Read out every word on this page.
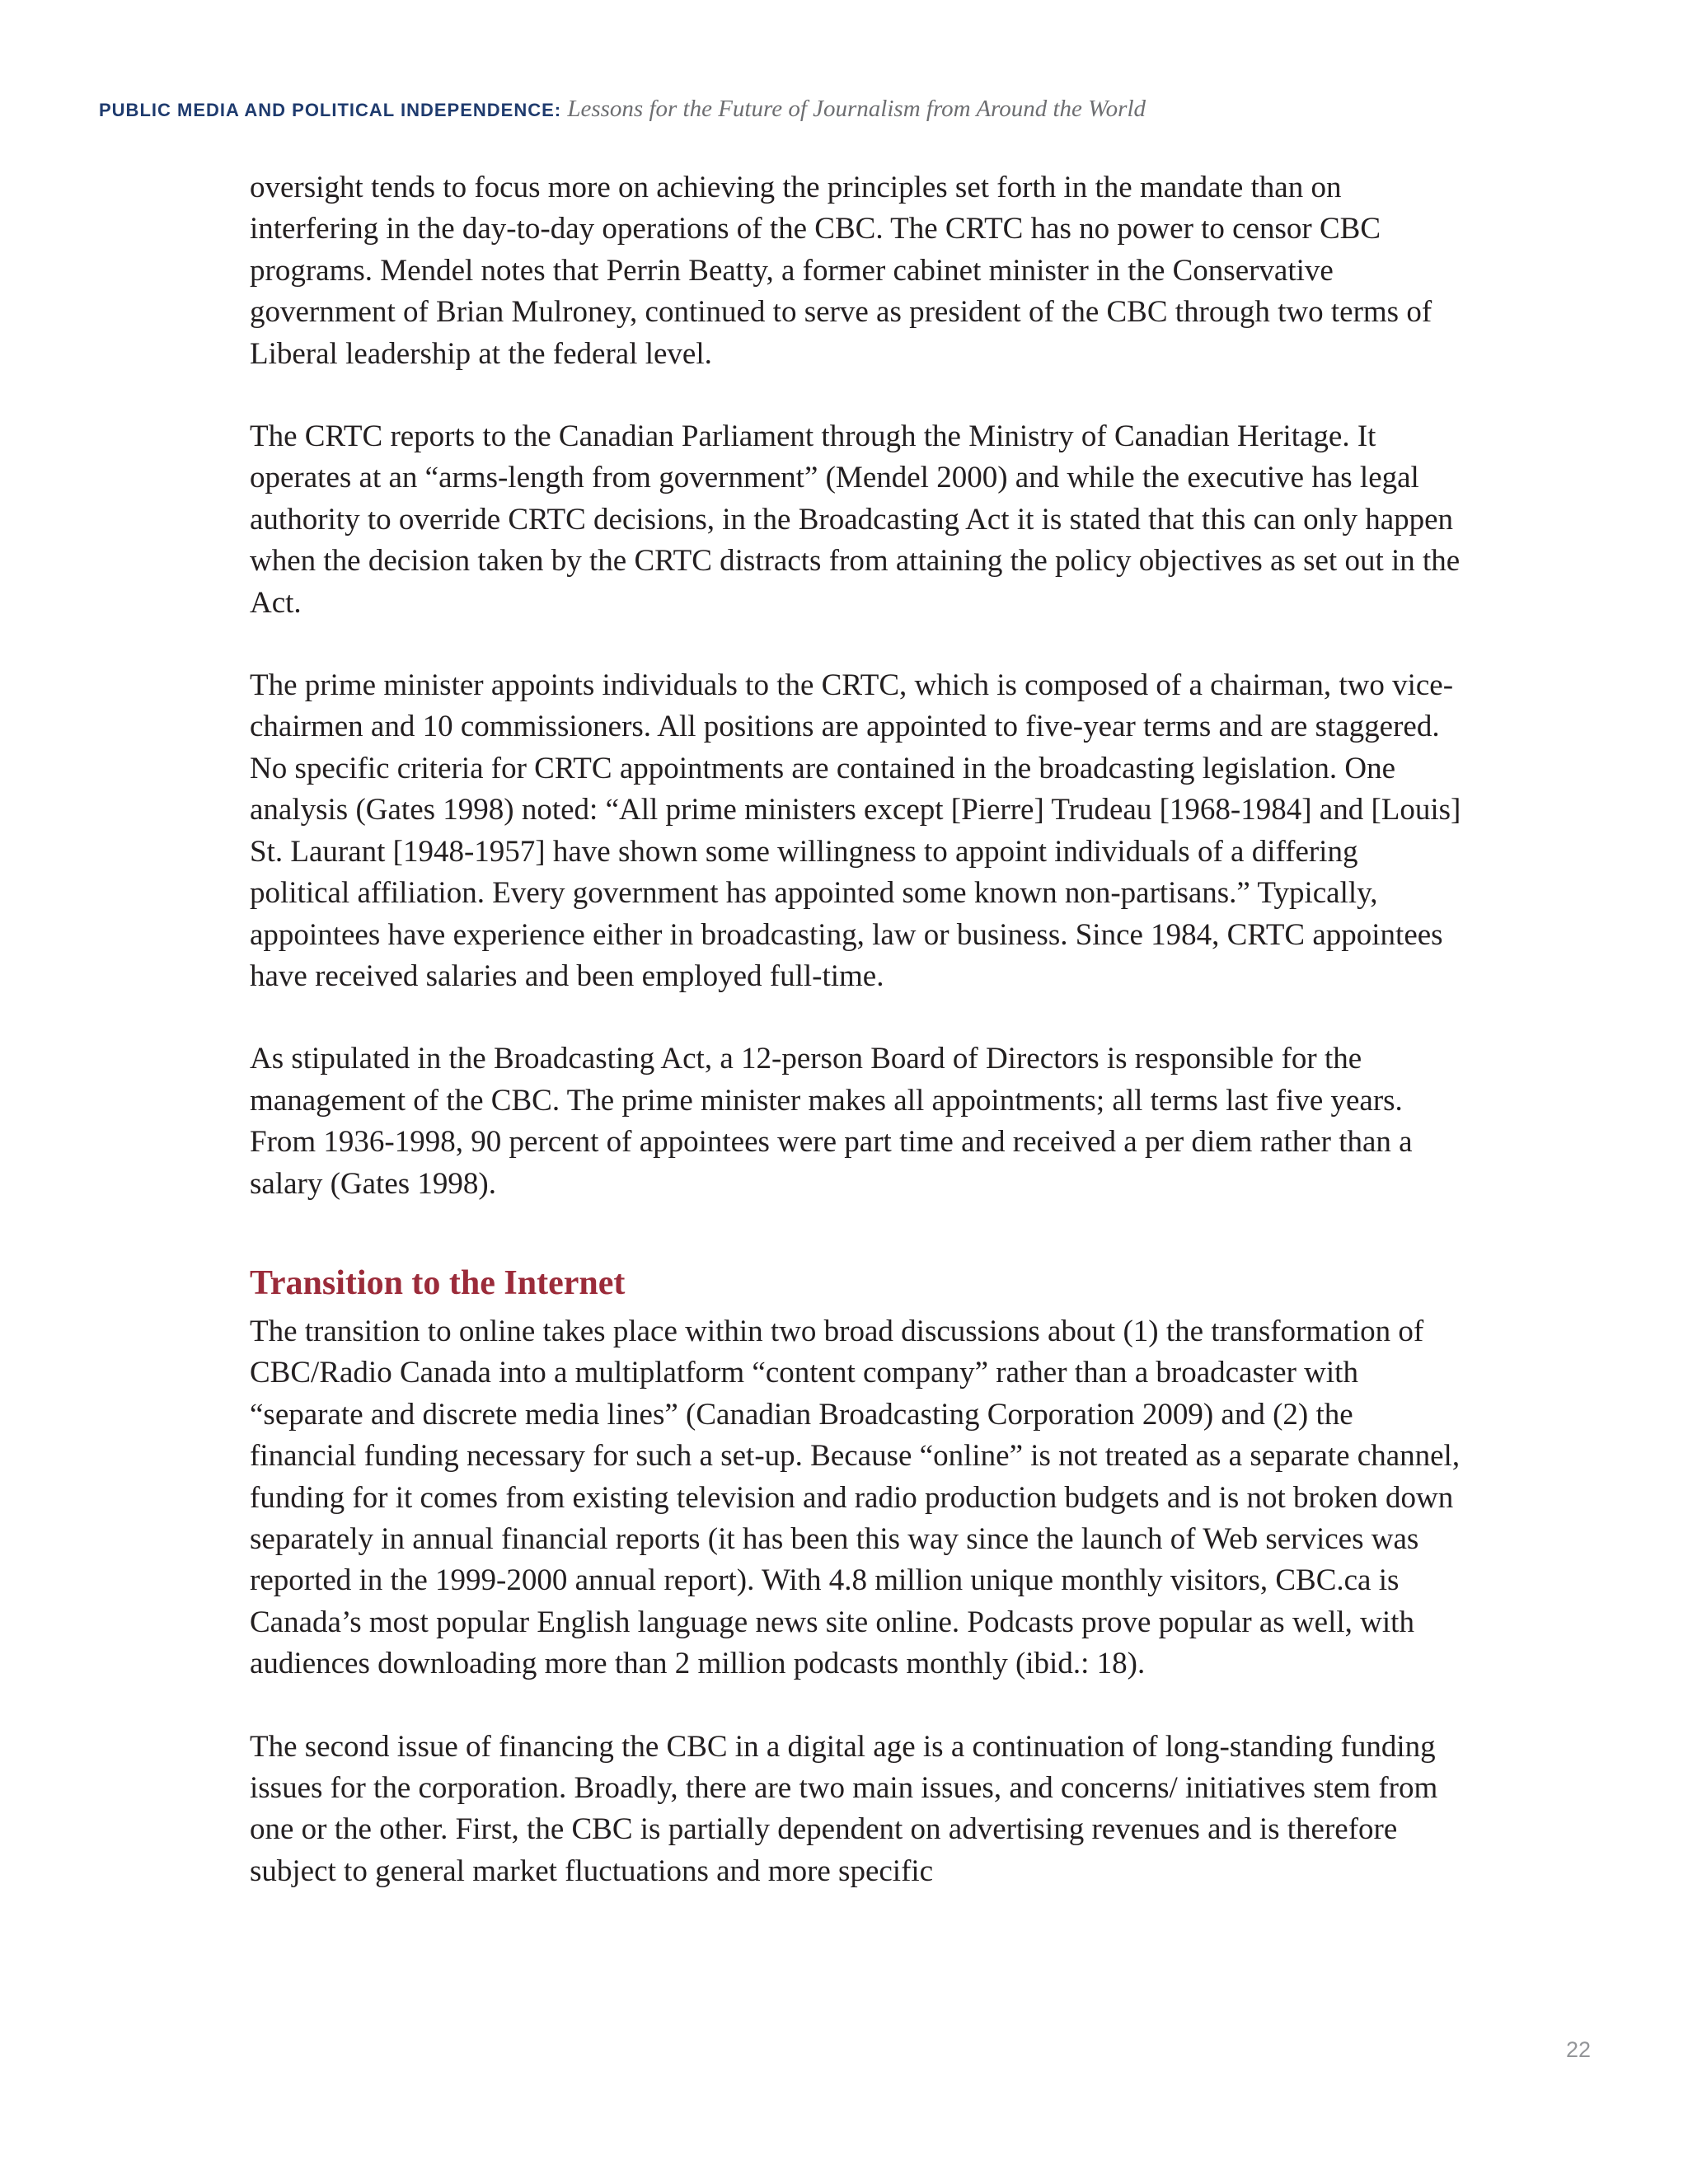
PUBLIC MEDIA AND POLITICAL INDEPENDENCE: Lessons for the Future of Journalism from Around the World

oversight tends to focus more on achieving the principles set forth in the mandate than on interfering in the day-to-day operations of the CBC. The CRTC has no power to censor CBC programs. Mendel notes that Perrin Beatty, a former cabinet minister in the Conservative government of Brian Mulroney, continued to serve as president of the CBC through two terms of Liberal leadership at the federal level.

The CRTC reports to the Canadian Parliament through the Ministry of Canadian Heritage. It operates at an “arms-length from government” (Mendel 2000) and while the executive has legal authority to override CRTC decisions, in the Broadcasting Act it is stated that this can only happen when the decision taken by the CRTC distracts from attaining the policy objectives as set out in the Act.

The prime minister appoints individuals to the CRTC, which is composed of a chairman, two vice-chairmen and 10 commissioners. All positions are appointed to five-year terms and are staggered. No specific criteria for CRTC appointments are contained in the broadcasting legislation. One analysis (Gates 1998) noted: “All prime ministers except [Pierre] Trudeau [1968-1984] and [Louis] St. Laurant [1948-1957] have shown some willingness to appoint individuals of a differing political affiliation. Every government has appointed some known non-partisans.” Typically, appointees have experience either in broadcasting, law or business. Since 1984, CRTC appointees have received salaries and been employed full-time.

As stipulated in the Broadcasting Act, a 12-person Board of Directors is responsible for the management of the CBC. The prime minister makes all appointments; all terms last five years. From 1936-1998, 90 percent of appointees were part time and received a per diem rather than a salary (Gates 1998).

Transition to the Internet

The transition to online takes place within two broad discussions about (1) the transformation of CBC/Radio Canada into a multiplatform “content company” rather than a broadcaster with “separate and discrete media lines” (Canadian Broadcasting Corporation 2009) and (2) the financial funding necessary for such a set-up. Because “online” is not treated as a separate channel, funding for it comes from existing television and radio production budgets and is not broken down separately in annual financial reports (it has been this way since the launch of Web services was reported in the 1999-2000 annual report). With 4.8 million unique monthly visitors, CBC.ca is Canada’s most popular English language news site online. Podcasts prove popular as well, with audiences downloading more than 2 million podcasts monthly (ibid.: 18).

The second issue of financing the CBC in a digital age is a continuation of long-standing funding issues for the corporation. Broadly, there are two main issues, and concerns/ initiatives stem from one or the other. First, the CBC is partially dependent on advertising revenues and is therefore subject to general market fluctuations and more specific

22
